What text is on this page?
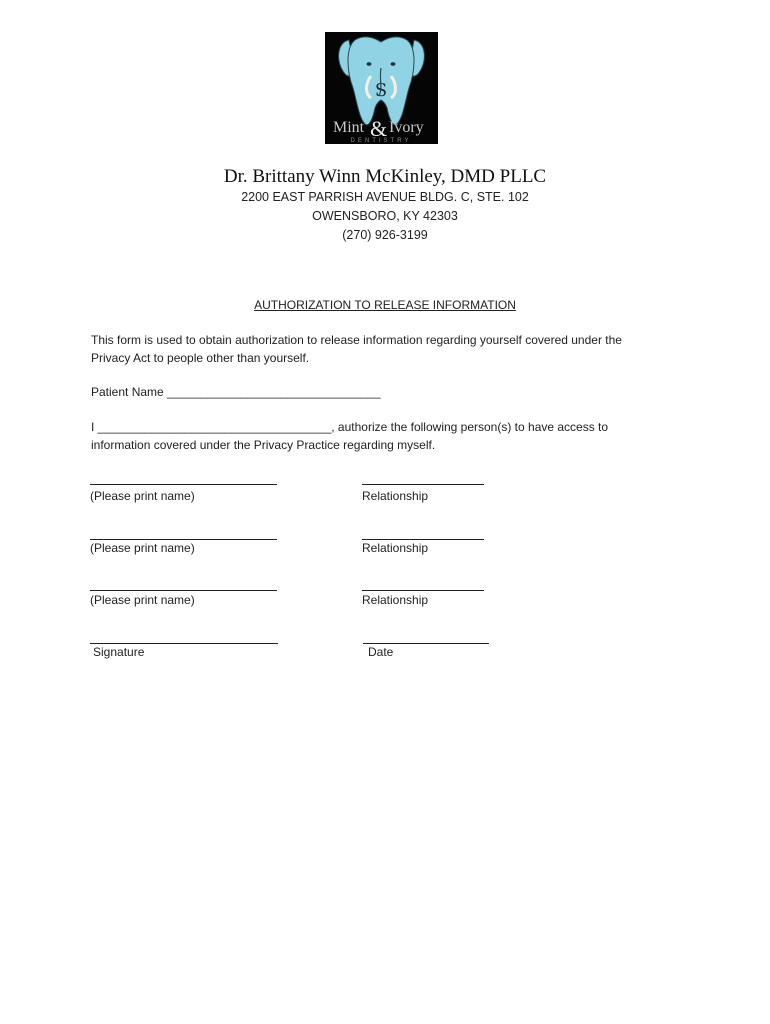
S
Mint & Ivory
DENTISTRY
Dr. Brittany Winn McKinley, DMD PLLC
2200 EAST PARRISH AVENUE BLDG. C, STE. 102
OWENSBORO, KY 42303
(270) 926-3199
AUTHORIZATION TO RELEASE INFORMATION
This form is used to obtain authorization to release information regarding yourself covered under the
Privacy Act to people other than yourself.
Patient Name ________________________________
I ___________________________________, authorize the following person(s) to have access to
information covered under the Privacy Practice regarding myself.
(Please print name)	Relationship
(Please print name)	Relationship
(Please print name)	Relationship
Signature	Date
